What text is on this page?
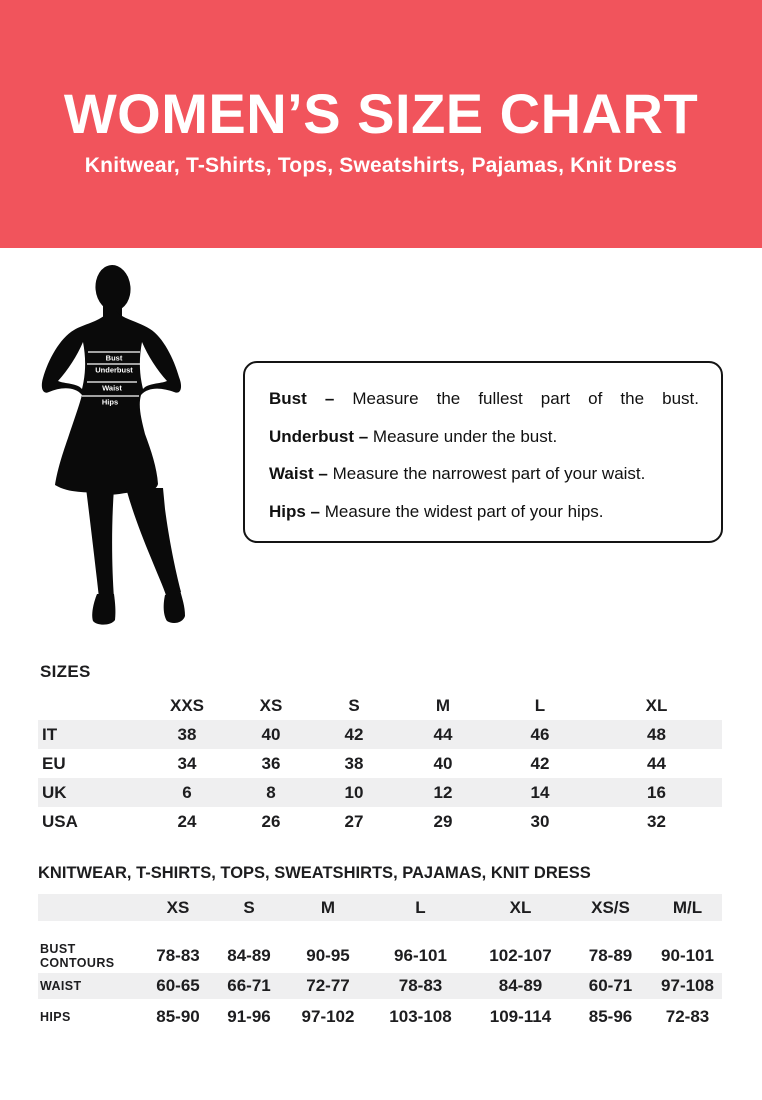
WOMEN’S SIZE CHART
Knitwear, T-Shirts, Tops, Sweatshirts, Pajamas, Knit Dress
Bust
Underbust
Waist
Hips	Bust – Measure the fullest part of the bust.

Underbust – Measure under the bust.

Waist – Measure the narrowest part of your waist.

Hips – Measure the widest part of your hips.

SIZES
	XXS	XS	S	M	L	XL
IT	38	40	42	44	46	48
EU	34	36	38	40	42	44
UK	6	8	10	12	14	16
USA	24	26	27	29	30	32
KNITWEAR, T-SHIRTS, TOPS, SWEATSHIRTS, PAJAMAS, KNIT DRESS
	XS	S	M	L	XL	XS/S	M/L

BUST CONTOURS	78-83	84-89	90-95	96-101	102-107	78-89	90-101
WAIST	60-65	66-71	72-77	78-83	84-89	60-71	97-108
HIPS	85-90	91-96	97-102	103-108	109-114	85-96	72-83
